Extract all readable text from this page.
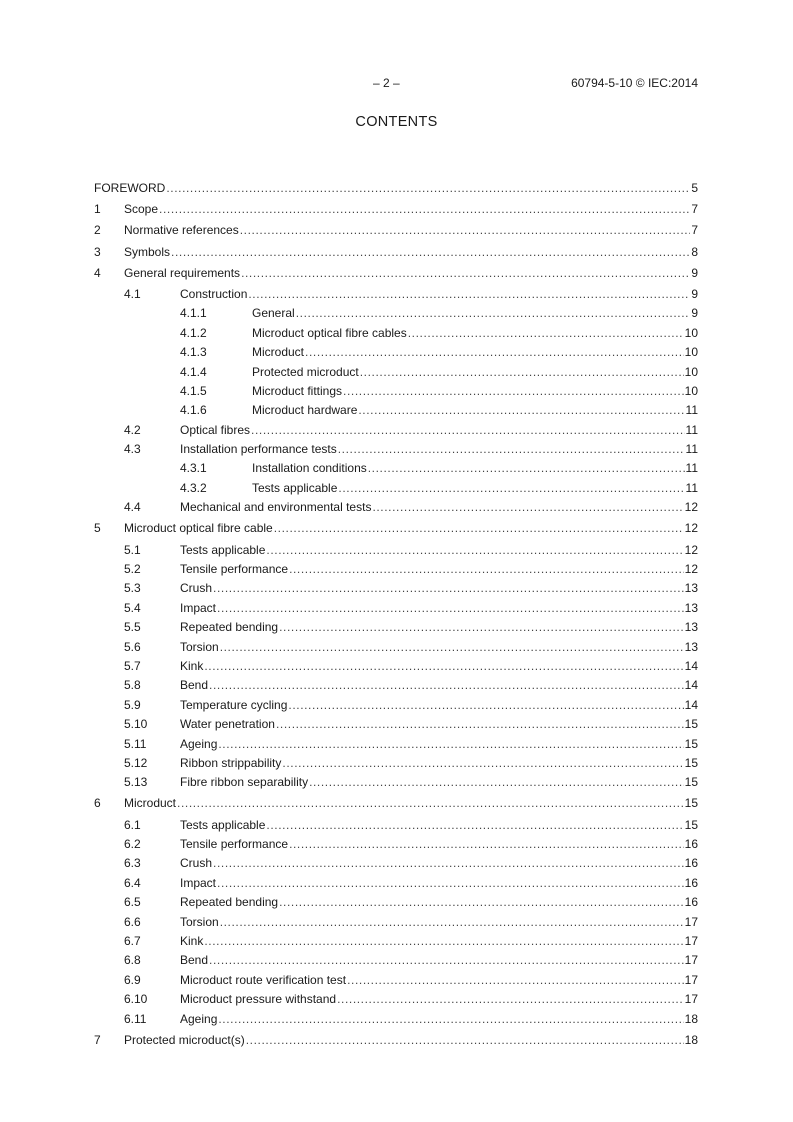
– 2 –	60794-5-10 © IEC:2014
CONTENTS
FOREWORD .....	5
1 Scope .....	7
2 Normative references .....	7
3 Symbols .....	8
4 General requirements .....	9
4.1	Construction .....	9
4.1.1	General .....	9
4.1.2	Microduct optical fibre cables .....	10
4.1.3	Microduct .....	10
4.1.4	Protected microduct .....	10
4.1.5	Microduct fittings .....	10
4.1.6	Microduct hardware .....	11
4.2	Optical fibres .....	11
4.3	Installation performance tests .....	11
4.3.1	Installation conditions .....	11
4.3.2	Tests applicable .....	11
4.4	Mechanical and environmental tests .....	12
5 Microduct optical fibre cable .....	12
5.1	Tests applicable .....	12
5.2	Tensile performance .....	12
5.3	Crush .....	13
5.4	Impact .....	13
5.5	Repeated bending .....	13
5.6	Torsion .....	13
5.7	Kink .....	14
5.8	Bend .....	14
5.9	Temperature cycling .....	14
5.10	Water penetration .....	15
5.11	Ageing .....	15
5.12	Ribbon strippability .....	15
5.13	Fibre ribbon separability .....	15
6 Microduct .....	15
6.1	Tests applicable .....	15
6.2	Tensile performance .....	16
6.3	Crush .....	16
6.4	Impact .....	16
6.5	Repeated bending .....	16
6.6	Torsion .....	17
6.7	Kink .....	17
6.8	Bend .....	17
6.9	Microduct route verification test .....	17
6.10	Microduct pressure withstand .....	17
6.11	Ageing .....	18
7 Protected microduct(s) .....	18
